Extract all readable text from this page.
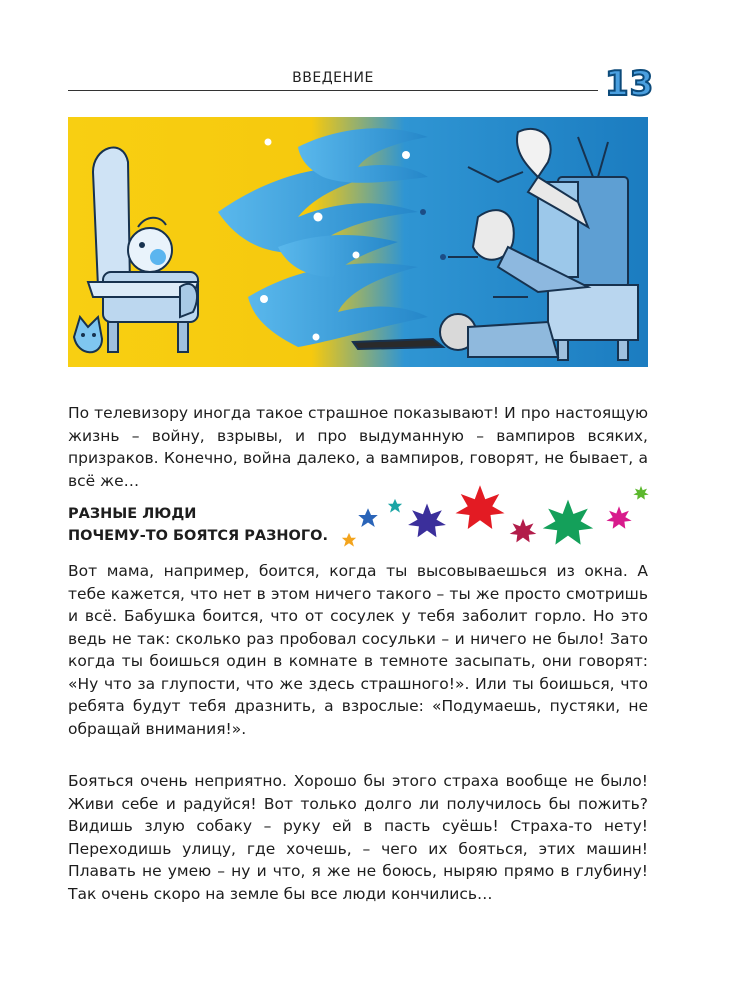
ВВЕДЕНИЕ	13

По телевизору иногда такое страшное показывают! И про настоящую жизнь – войну, взрывы, и про выдуманную – вампиров всяких, призраков. Конечно, война далеко, а вампиров, говорят, не бывает, а всё же…

РАЗНЫЕ ЛЮДИ
ПОЧЕМУ-ТО БОЯТСЯ РАЗНОГО.

Вот мама, например, боится, когда ты высовываешься из окна. А тебе кажется, что нет в этом ничего такого – ты же просто смотришь и всё. Бабушка боится, что от сосулек у тебя заболит горло. Но это ведь не так: сколько раз пробовал сосульки – и ничего не было! Зато когда ты боишься один в комнате в темноте засыпать, они говорят: «Ну что за глупости, что же здесь страшного!». Или ты боишься, что ребята будут тебя дразнить, а взрослые: «Подумаешь, пустяки, не обращай внимания!».

Бояться очень неприятно. Хорошо бы этого страха вообще не было! Живи себе и радуйся! Вот только долго ли получилось бы пожить? Видишь злую собаку – руку ей в пасть суёшь! Страха-то нету! Переходишь улицу, где хочешь, – чего их бояться, этих машин! Плавать не умею – ну и что, я же не боюсь, ныряю прямо в глубину! Так очень скоро на земле бы все люди кончились…
